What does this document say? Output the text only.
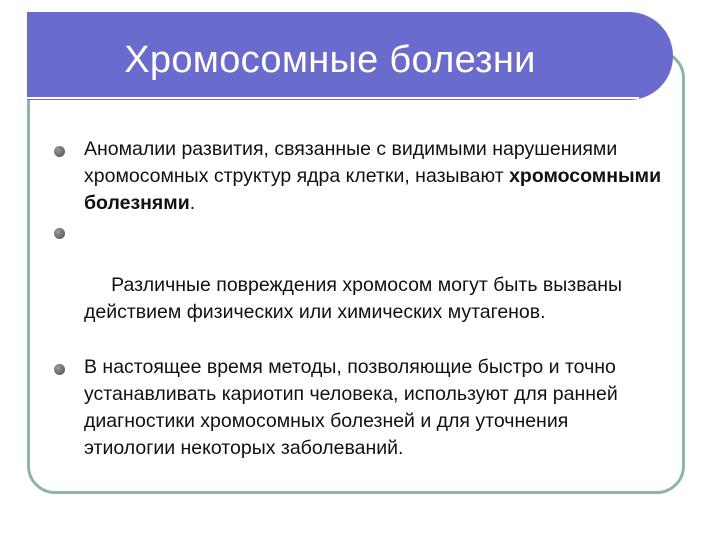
Хромосомные болезни
Аномалии развития, связанные с видимыми нарушениями хромосомных структур ядра клетки, называют хромосомными болезнями.

Различные повреждения хромосом могут быть вызваны действием физических или химических мутагенов.

В настоящее время методы, позволяющие быстро и точно устанавливать кариотип человека, используют для ранней диагностики хромосомных болезней и для уточнения этиологии некоторых заболеваний.
